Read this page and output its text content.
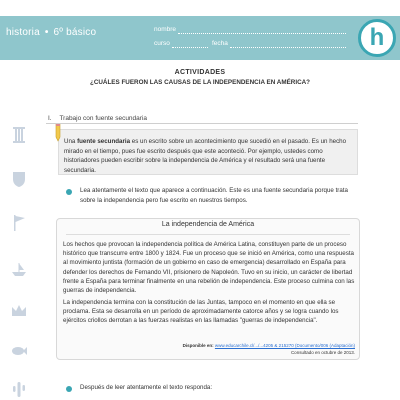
historia • 6º básico	nombre
curso	fecha	h
ACTIVIDADES
¿CUÁLES FUERON LAS CAUSAS DE LA INDEPENDENCIA EN AMÉRICA?
I. Trabajo con fuente secundaria
Una fuente secundaria es un escrito sobre un acontecimiento que sucedió en el pasado. Es un hecho mirado en el tiempo, pues fue escrito después que este aconteció. Por ejemplo, ustedes como historiadores pueden escribir sobre la independencia de América y el resultado será una fuente secundaria.
Lea atentamente el texto que aparece a continuación. Este es una fuente secundaria porque trata sobre la independencia pero fue escrito en nuestros tiempos.
La independencia de América
Los hechos que provocan la independencia política de América Latina, constituyen parte de un proceso histórico que transcurre entre 1800 y 1824. Fue un proceso que se inició en América, como una respuesta al movimiento juntista (formación de un gobierno en caso de emergencia) desarrollado en España para defender los derechos de Fernando VII, prisionero de Napoleón. Tuvo en su inicio, un carácter de libertad frente a España para terminar finalmente en una rebelión de independencia. Este proceso culmina con las guerras de independencia.
La independencia termina con la constitución de las Juntas, tampoco en el momento en que ella se proclama. Esta se desarrolla en un período de aproximadamente catorce años y se logra cuando los ejércitos criollos derrotan a las fuerzas realistas en las llamadas "guerras de independencia".
Disponible en: www.educarchile.cl/.../...4205 & 215270 (Documento/006 (Adaptación)
Consultado en octubre de 2013.
Después de leer atentamente el texto responda:
